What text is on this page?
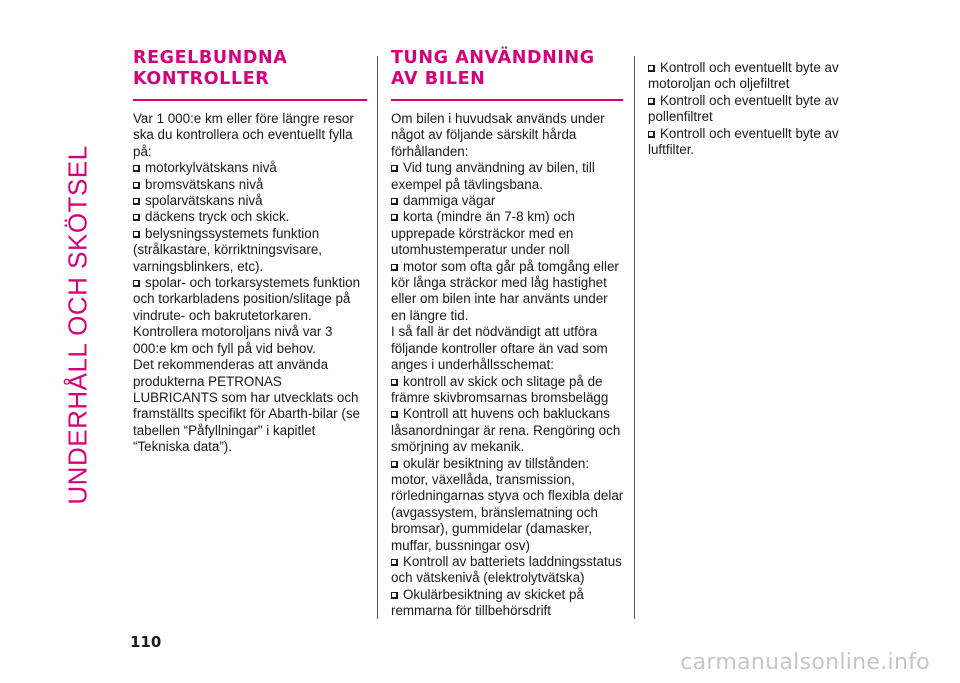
UNDERHÅLL OCH SKÖTSEL
REGELBUNDNA
KONTROLLER

Var 1 000:e km eller före längre resor ska du kontrollera och eventuellt fylla på:

motorkylvätskans nivå
bromsvätskans nivå
spolarvätskans nivå
däckens tryck och skick.
belysningssystemets funktion (strålkastare, körriktningsvisare, varningsblinkers, etc).
spolar- och torkarsystemets funktion och torkarbladens position/slitage på vindrute- och bakrutetorkaren.

Kontrollera motoroljans nivå var 3 000:e km och fyll på vid behov.

Det rekommenderas att använda produkterna PETRONAS LUBRICANTS som har utvecklats och framställts specifikt för Abarth-bilar (se tabellen “Påfyllningar” i kapitlet “Tekniska data”).

TUNG ANVÄNDNING
AV BILEN

Om bilen i huvudsak används under något av följande särskilt hårda förhållanden:

Vid tung användning av bilen, till exempel på tävlingsbana.
dammiga vägar
korta (mindre än 7-8 km) och upprepade körsträckor med en utomhustemperatur under noll
motor som ofta går på tomgång eller kör långa sträckor med låg hastighet eller om bilen inte har använts under en längre tid.

I så fall är det nödvändigt att utföra följande kontroller oftare än vad som anges i underhållsschemat:

kontroll av skick och slitage på de främre skivbromsarnas bromsbelägg
Kontroll att huvens och bakluckans låsanordningar är rena. Rengöring och smörjning av mekanik.
okulär besiktning av tillstånden: motor, växellåda, transmission, rörledningarnas styva och flexibla delar (avgassystem, bränslematning och bromsar), gummidelar (damasker, muffar, bussningar osv)
Kontroll av batteriets laddningsstatus och vätskenivå (elektrolytvätska)
Okulärbesiktning av skicket på remmarna för tillbehörsdrift
Kontroll och eventuellt byte av motoroljan och oljefiltret
Kontroll och eventuellt byte av pollenfiltret
Kontroll och eventuellt byte av luftfilter.
110
carmanualsonline.info
